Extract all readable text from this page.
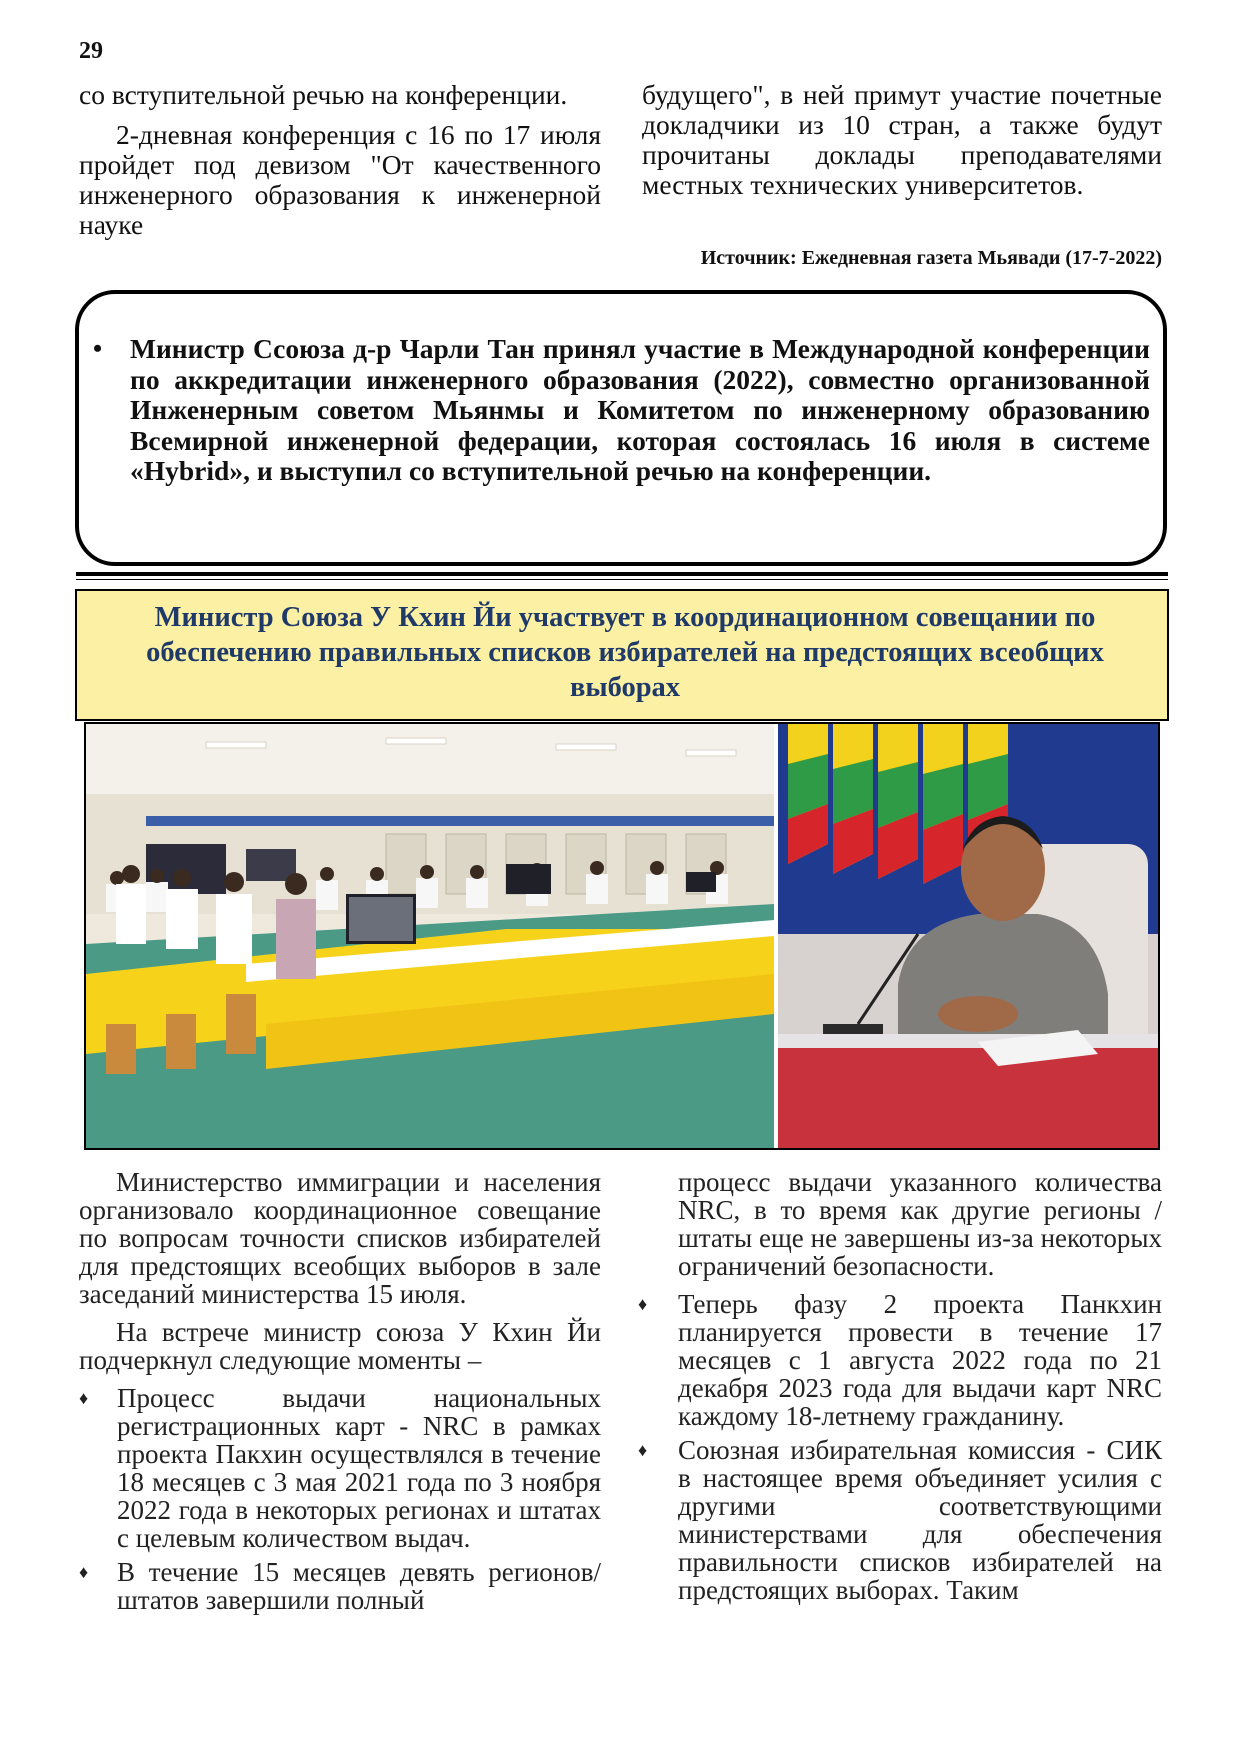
29

со вступительной речью на конференции.

2-дневная конференция с 16 по 17 июля пройдет под девизом "От качественного инженерного образования к инженерной науке

будущего", в ней примут участие почетные докладчики из 10 стран, а также будут прочитаны доклады преподавателями местных технических университетов.

Источник: Ежедневная газета Мьявади (17-7-2022)
• Министр Ссоюза д-р Чарли Тан принял участие в Международной конференции по аккредитации инженерного образования (2022), совместно организованной Инженерным советом Мьянмы и Комитетом по инженерному образованию Всемирной инженерной федерации, которая состоялась 16 июля в системе «Hybrid», и выступил со вступительной речью на конференции.
Министр Союза У Кхин Йи участвует в координационном совещании по обеспечению правильных списков избирателей на предстоящих всеобщих выборах

Министерство иммиграции и населения организовало координационное совещание по вопросам точности списков избирателей для предстоящих всеобщих выборов в зале заседаний министерства 15 июля.

На встрече министр союза У Кхин Йи подчеркнул следующие моменты –

♦ Процесс выдачи национальных регистрационных карт - NRC в рамках проекта Пакхин осуществлялся в течение 18 месяцев с 3 мая 2021 года по 3 ноября 2022 года в некоторых регионах и штатах с целевым количеством выдач.
♦ В течение 15 месяцев девять регионов/штатов завершили полный

процесс выдачи указанного количества NRC, в то время как другие регионы /штаты еще не завершены из-за некоторых ограничений безопасности.

♦ Теперь фазу 2 проекта Панкхин планируется провести в течение 17 месяцев с 1 августа 2022 года по 21 декабря 2023 года для выдачи карт NRC каждому 18-летнему гражданину.
♦ Союзная избирательная комиссия - СИК в настоящее время объединяет усилия с другими соответствующими министерствами для обеспечения правильности списков избирателей на предстоящих выборах. Таким
